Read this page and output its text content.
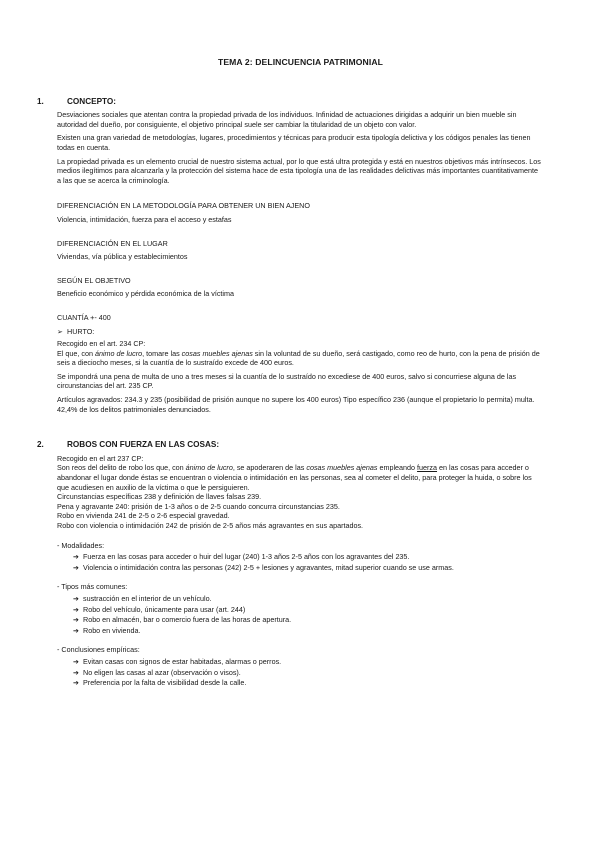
TEMA 2: DELINCUENCIA PATRIMONIAL
1.	CONCEPTO:

Desviaciones sociales que atentan contra la propiedad privada de los individuos. Infinidad de actuaciones dirigidas a adquirir un bien mueble sin autoridad del dueño, por consiguiente, el objetivo principal suele ser cambiar la titularidad de un objeto con valor.

Existen una gran variedad de metodologías, lugares, procedimientos y técnicas para producir esta tipología delictiva y los códigos penales las tienen todas en cuenta.

La propiedad privada es un elemento crucial de nuestro sistema actual, por lo que está ultra protegida y está en nuestros objetivos más intrínsecos. Los medios ilegítimos para alcanzarla y la protección del sistema hace de esta tipología una de las realidades delictivas más importantes cuantitativamente a las que se acerca la criminología.

DIFERENCIACIÓN EN LA METODOLOGÍA PARA OBTENER UN BIEN AJENO
Violencia, intimidación, fuerza para el acceso y estafas
DIFERENCIACIÓN EN EL LUGAR
Viviendas, vía pública y establecimientos
SEGÚN EL OBJETIVO
Beneficio económico y pérdida económica de la víctima
CUANTÍA +- 400
➢ HURTO:
Recogido en el art. 234 CP:

El que, con ánimo de lucro, tomare las cosas muebles ajenas sin la voluntad de su dueño, será castigado, como reo de hurto, con la pena de prisión de seis a dieciocho meses, si la cuantía de lo sustraído excede de 400 euros.

Se impondrá una pena de multa de uno a tres meses si la cuantía de lo sustraído no excediese de 400 euros, salvo si concurriese alguna de las circunstancias del art. 235 CP.

Artículos agravados: 234.3 y 235 (posibilidad de prisión aunque no supere los 400 euros) Tipo específico 236 (aunque el propietario lo permita) multa. 42,4% de los delitos patrimoniales denunciados.

2.	ROBOS CON FUERZA EN LAS COSAS:
Recogido en el art 237 CP:

Son reos del delito de robo los que, con ánimo de lucro, se apoderaren de las cosas muebles ajenas empleando fuerza en las cosas para acceder o abandonar el lugar donde éstas se encuentran o violencia o intimidación en las personas, sea al cometer el delito, para proteger la huida, o sobre los que acudiesen en auxilio de la víctima o que le persiguieren.

Circunstancias específicas 238 y definición de llaves falsas 239.
Pena y agravante 240: prisión de 1-3 años o de 2-5 cuando concurra circunstancias 235.
Robo en vivienda 241 de 2-5 o 2-6 especial gravedad.
Robo con violencia o intimidación 242 de prisión de 2-5 años más agravantes en sus apartados.
- Modalidades:
➔ Fuerza en las cosas para acceder o huir del lugar (240) 1-3 años 2-5 años con los agravantes del 235.
➔ Violencia o intimidación contra las personas (242) 2-5 + lesiones y agravantes, mitad superior cuando se use armas.
- Tipos más comunes:
➔ sustracción en el interior de un vehículo.
➔ Robo del vehículo, únicamente para usar (art. 244)
➔ Robo en almacén, bar o comercio fuera de las horas de apertura.
➔ Robo en vivienda.
- Conclusiones empíricas:
➔ Evitan casas con signos de estar habitadas, alarmas o perros.
➔ No eligen las casas al azar (observación o visos).
➔ Preferencia por la falta de visibilidad desde la calle.
